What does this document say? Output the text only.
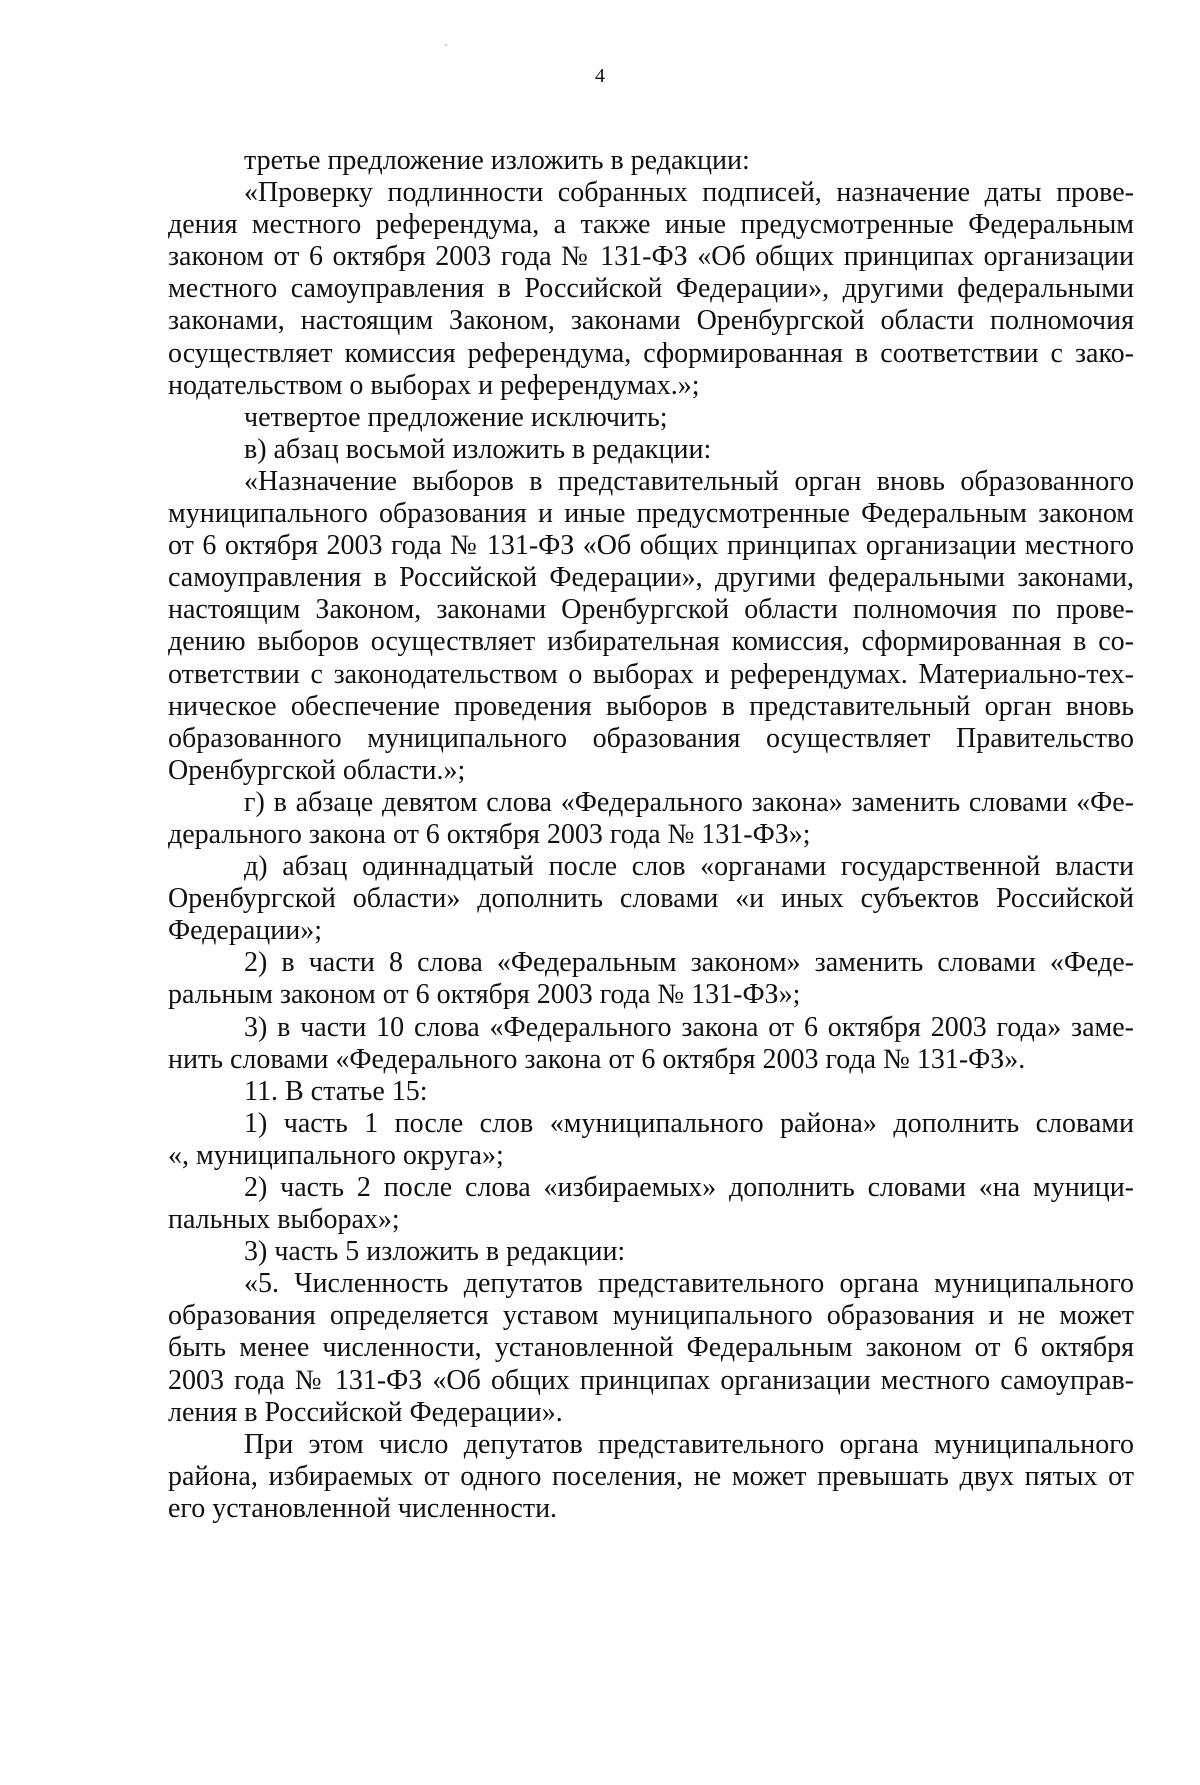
4
третье предложение изложить в редакции:
«Проверку подлинности собранных подписей, назначение даты прове-
дения местного референдума, а также иные предусмотренные Федеральным
законом от 6 октября 2003 года № 131-ФЗ «Об общих принципах организации
местного самоуправления в Российской Федерации», другими федеральными
законами, настоящим Законом, законами Оренбургской области полномочия
осуществляет комиссия референдума, сформированная в соответствии с зако-
нодательством о выборах и референдумах.»;
четвертое предложение исключить;
в) абзац восьмой изложить в редакции:
«Назначение выборов в представительный орган вновь образованного
муниципального образования и иные предусмотренные Федеральным законом
от 6 октября 2003 года № 131-ФЗ «Об общих принципах организации местного
самоуправления в Российской Федерации», другими федеральными законами,
настоящим Законом, законами Оренбургской области полномочия по прове-
дению выборов осуществляет избирательная комиссия, сформированная в со-
ответствии с законодательством о выборах и референдумах. Материально-тех-
ническое обеспечение проведения выборов в представительный орган вновь
образованного муниципального образования осуществляет Правительство
Оренбургской области.»;
г) в абзаце девятом слова «Федерального закона» заменить словами «Фе-
дерального закона от 6 октября 2003 года № 131-ФЗ»;
д) абзац одиннадцатый после слов «органами государственной власти
Оренбургской области» дополнить словами «и иных субъектов Российской
Федерации»;
2) в части 8 слова «Федеральным законом» заменить словами «Феде-
ральным законом от 6 октября 2003 года № 131-ФЗ»;
3) в части 10 слова «Федерального закона от 6 октября 2003 года» заме-
нить словами «Федерального закона от 6 октября 2003 года № 131-ФЗ».
11. В статье 15:
1) часть 1 после слов «муниципального района» дополнить словами
«, муниципального округа»;
2) часть 2 после слова «избираемых» дополнить словами «на муници-
пальных выборах»;
3) часть 5 изложить в редакции:
«5. Численность депутатов представительного органа муниципального
образования определяется уставом муниципального образования и не может
быть менее численности, установленной Федеральным законом от 6 октября
2003 года № 131-ФЗ «Об общих принципах организации местного самоуправ-
ления в Российской Федерации».
При этом число депутатов представительного органа муниципального
района, избираемых от одного поселения, не может превышать двух пятых от
его установленной численности.
